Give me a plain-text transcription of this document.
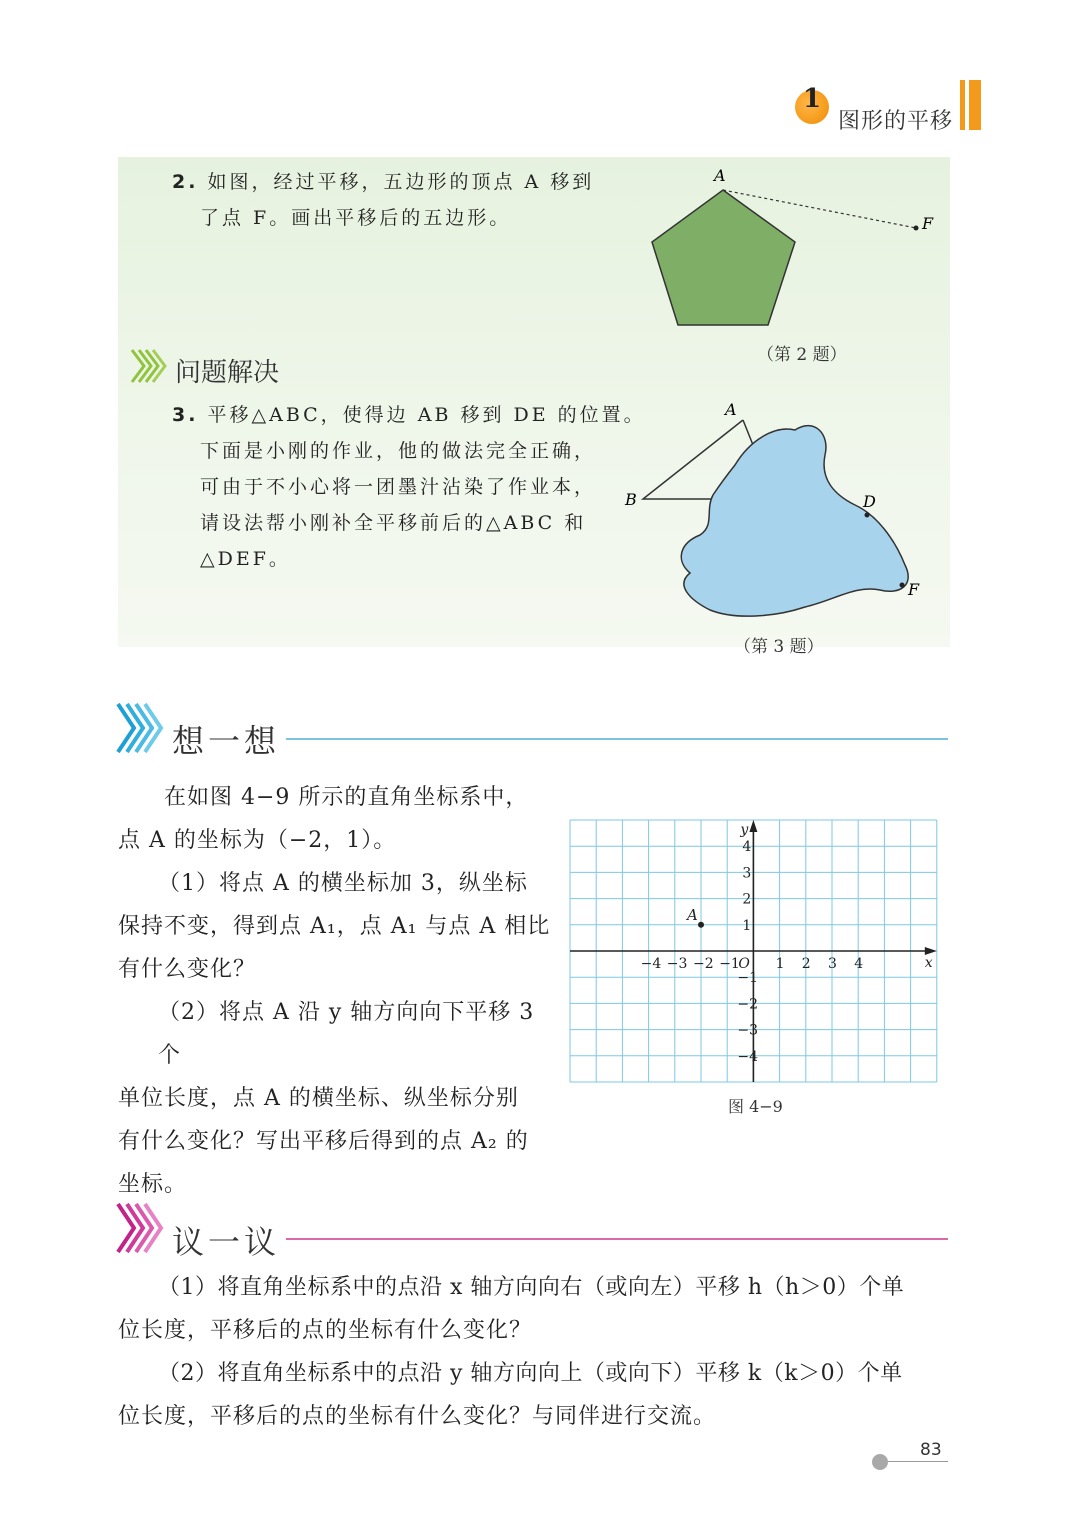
1
图形的平移
2. 如图，经过平移，五边形的顶点 A 移到
了点 F。画出平移后的五边形。
A
F
（第 2 题）
问题解决
3. 平移△ABC，使得边 AB 移到 DE 的位置。
下面是小刚的作业，他的做法完全正确，
可由于不小心将一团墨汁沾染了作业本，
请设法帮小刚补全平移前后的△ABC 和
△DEF。
A
B	D
F
（第 3 题）
想一想
在如图 4−9 所示的直角坐标系中，
点 A 的坐标为（−2，1）。
（1）将点 A 的横坐标加 3，纵坐标
保持不变，得到点 A₁，点 A₁ 与点 A 相比
有什么变化？
（2）将点 A 沿 y 轴方向向下平移 3 个
单位长度，点 A 的横坐标、纵坐标分别
有什么变化？写出平移后得到的点 A₂ 的
坐标。
−4 −3 −2 −1	1 2 3 4
4
3
2
1
−1
−2
−3
−4
x
y
O
A
图 4−9
议一议
（1）将直角坐标系中的点沿 x 轴方向向右（或向左）平移 h（h＞0）个单
位长度，平移后的点的坐标有什么变化？
（2）将直角坐标系中的点沿 y 轴方向向上（或向下）平移 k（k＞0）个单
位长度，平移后的点的坐标有什么变化？与同伴进行交流。
83
